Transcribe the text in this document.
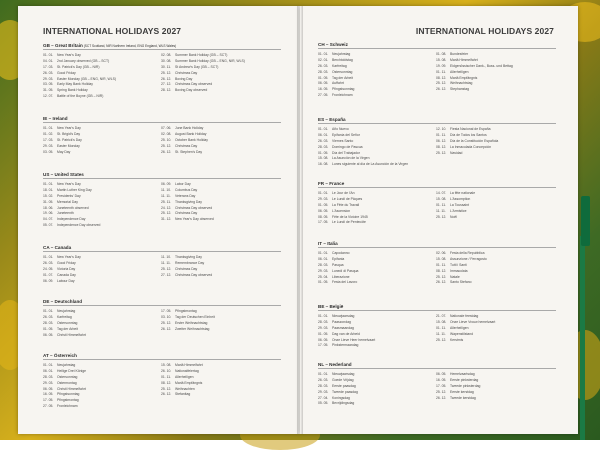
INTERNATIONAL HOLIDAYS 2027
GB – Great Britain (SCT Scotland, NIR Northern Ireland, ENG England, WLS Wales)
01. 01.	New Year's Day
04. 01.	2nd January observed (GB – SCT)
17. 03.	St. Patrick's Day (GB – NIR)
26. 03.	Good Friday
29. 03.	Easter Monday (GB – ENG, NIR, WLS)
03. 05.	Early May Bank Holiday
31. 05.	Spring Bank Holiday
12. 07.	Battle of the Boyne (GB – NIR)
02. 08.	Summer Bank Holiday (GB – SCT)
30. 08.	Summer Bank Holiday (GB – ENG, NIR, WLS)
30. 11.	St Andrew's Day (GB – SCT)
25. 12.	Christmas Day
26. 12.	Boxing Day
27. 12.	Christmas Day observed
28. 12.	Boxing Day observed
IE – Ireland
01. 01.	New Year's Day
01. 02.	St. Brigid's Day
17. 03.	St. Patrick's Day
29. 03.	Easter Monday
03. 05.	May Day
07. 06.	June Bank Holiday
02. 08.	August Bank Holiday
25. 10.	October Bank Holiday
25. 12.	Christmas Day
26. 12.	St. Stephen's Day
US – United States
01. 01.	New Year's Day
18. 01.	Martin Luther King Day
15. 02.	Presidents' Day
31. 05.	Memorial Day
18. 06.	Juneteenth observed
19. 06.	Juneteenth
04. 07.	Independence Day
05. 07.	Independence Day observed
06. 09.	Labor Day
11. 10.	Columbus Day
11. 11.	Veterans Day
25. 11.	Thanksgiving Day
24. 12.	Christmas Day observed
25. 12.	Christmas Day
31. 12.	New Year's Day observed
CA – Canada
01. 01.	New Year's Day
26. 03.	Good Friday
24. 05.	Victoria Day
01. 07.	Canada Day
06. 09.	Labour Day
11. 10.	Thanksgiving Day
11. 11.	Remembrance Day
25. 12.	Christmas Day
27. 12.	Christmas Day observed
DE – Deutschland
01. 01.	Neujahrstag
26. 03.	Karfreitag
28. 03.	Ostersonntag
01. 05.	Tag der Arbeit
06. 05.	Christi Himmelfahrt
17. 05.	Pfingstmontag
03. 10.	Tag der Deutschen Einheit
25. 12.	Erster Weihnachtstag
26. 12.	Zweiter Weihnachtstag
AT – Österreich
01. 01.	Neujahrstag
06. 01.	Heilige Drei Könige
28. 03.	Ostersonntag
29. 03.	Ostermontag
06. 05.	Christi Himmelfahrt
16. 05.	Pfingstsonntag
17. 05.	Pfingstmontag
27. 05.	Fronleichnam
15. 08.	Mariä Himmelfahrt
26. 10.	Nationalfeiertag
01. 11.	Allerheiligen
08. 12.	Mariä Empfängnis
25. 12.	Weihnachten
26. 12.	Stefanitag
INTERNATIONAL HOLIDAYS 2027
CH – Schweiz
01. 01.	Neujahrstag
02. 01.	Berchtoldstag
26. 03.	Karfreitag
28. 03.	Ostersonntag
01. 05.	Tag der Arbeit
06. 05.	Auffahrt
16. 05.	Pfingstsonntag
27. 05.	Fronleichnam
01. 08.	Bundesfeier
15. 08.	Mariä Himmelfahrt
19. 09.	Eidgenössischer Dank-, Buss- und Bettag
01. 11.	Allerheiligen
08. 12.	Mariä Empfängnis
25. 12.	Weihnachtstag
26. 12.	Stephanstag
ES – España
01. 01.	Año Nuevo
06. 01.	Epifanía del Señor
26. 03.	Viernes Santo
28. 03.	Domingo de Pascua
01. 05.	Día del Trabajador
15. 08.	La Asunción de la Virgen
16. 08.	Lunes siguiente al día de La Asunción de la Virgen
12. 10.	Fiesta Nacional de España
01. 11.	Día de Todos los Santos
06. 12.	Día de la Constitución Española
08. 12.	La Inmaculada Concepción
25. 12.	Navidad
FR – France
01. 01.	Le Jour de l'An
29. 03.	Le Lundi de Pâques
01. 05.	La Fête du Travail
06. 05.	L'Ascension
08. 05.	Fête de la Victoire 1945
17. 05.	Le Lundi de Pentecôte
14. 07.	La fête nationale
15. 08.	L'Assomption
01. 11.	La Toussaint
11. 11.	L'Armistice
25. 12.	Noël
IT – Italia
01. 01.	Capodanno
06. 01.	Epifania
28. 03.	Pasqua
29. 03.	Lunedì di Pasqua
25. 04.	Liberazione
01. 05.	Festa del Lavoro
02. 06.	Festa della Repubblica
15. 08.	Assunzione / Ferragosto
01. 11.	Tutti i Santi
08. 12.	Immacolata
25. 12.	Natale
26. 12.	Santo Stefano
BE – België
01. 01.	Nieuwjaarsdag
28. 03.	Paaszondag
29. 03.	Paasmaandag
01. 05.	Dag van de Arbeid
06. 05.	Onze Lieve Heer hemelvaart
17. 05.	Pinkstermaandag
21. 07.	Nationale feestdag
15. 08.	Onze Lieve Vrouw hemelvaart
01. 11.	Allerheiligen
11. 11.	Wapenstilstand
25. 12.	Kerstmis
NL – Nederland
01. 01.	Nieuwjaarsdag
26. 03.	Goede Vrijdag
28. 03.	Eerste paasdag
29. 03.	Tweede paasdag
27. 04.	Koningsdag
05. 05.	Bevrijdingsdag
06. 05.	Hemelvaartsdag
16. 05.	Eerste pinksterdag
17. 05.	Tweede pinksterdag
25. 12.	Eerste kerstdag
26. 12.	Tweede kerstdag
